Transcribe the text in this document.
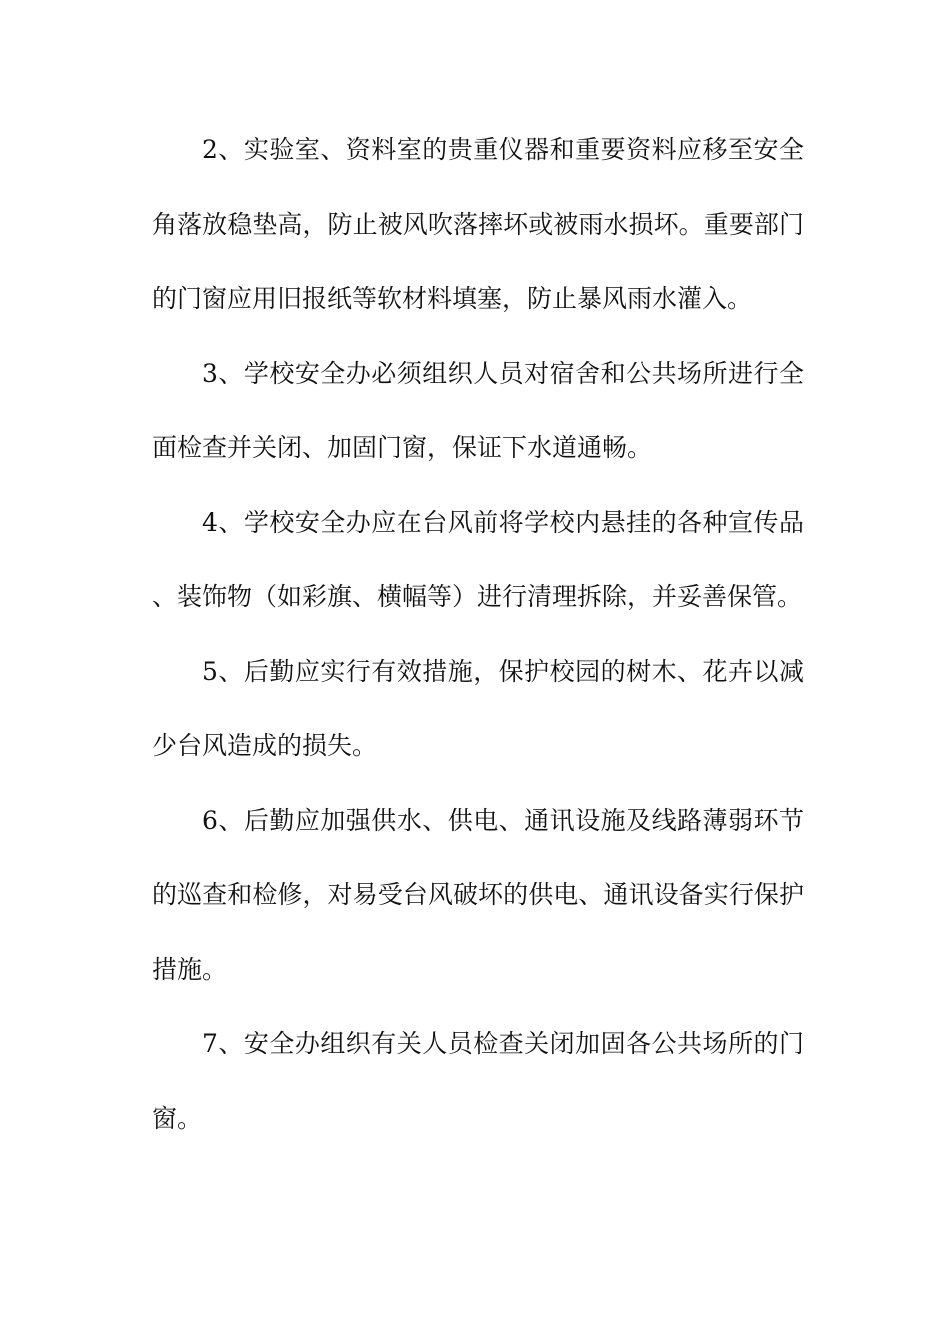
2、实验室、资料室的贵重仪器和重要资料应移至安全角落放稳垫高，防止被风吹落摔坏或被雨水损坏。重要部门的门窗应用旧报纸等软材料填塞，防止暴风雨水灌入。

3、学校安全办必须组织人员对宿舍和公共场所进行全面检查并关闭、加固门窗，保证下水道通畅。

4、学校安全办应在台风前将学校内悬挂的各种宣传品、装饰物（如彩旗、横幅等）进行清理拆除，并妥善保管。

5、后勤应实行有效措施，保护校园的树木、花卉以减少台风造成的损失。

6、后勤应加强供水、供电、通讯设施及线路薄弱环节的巡查和检修，对易受台风破坏的供电、通讯设备实行保护措施。

7、安全办组织有关人员检查关闭加固各公共场所的门窗。
